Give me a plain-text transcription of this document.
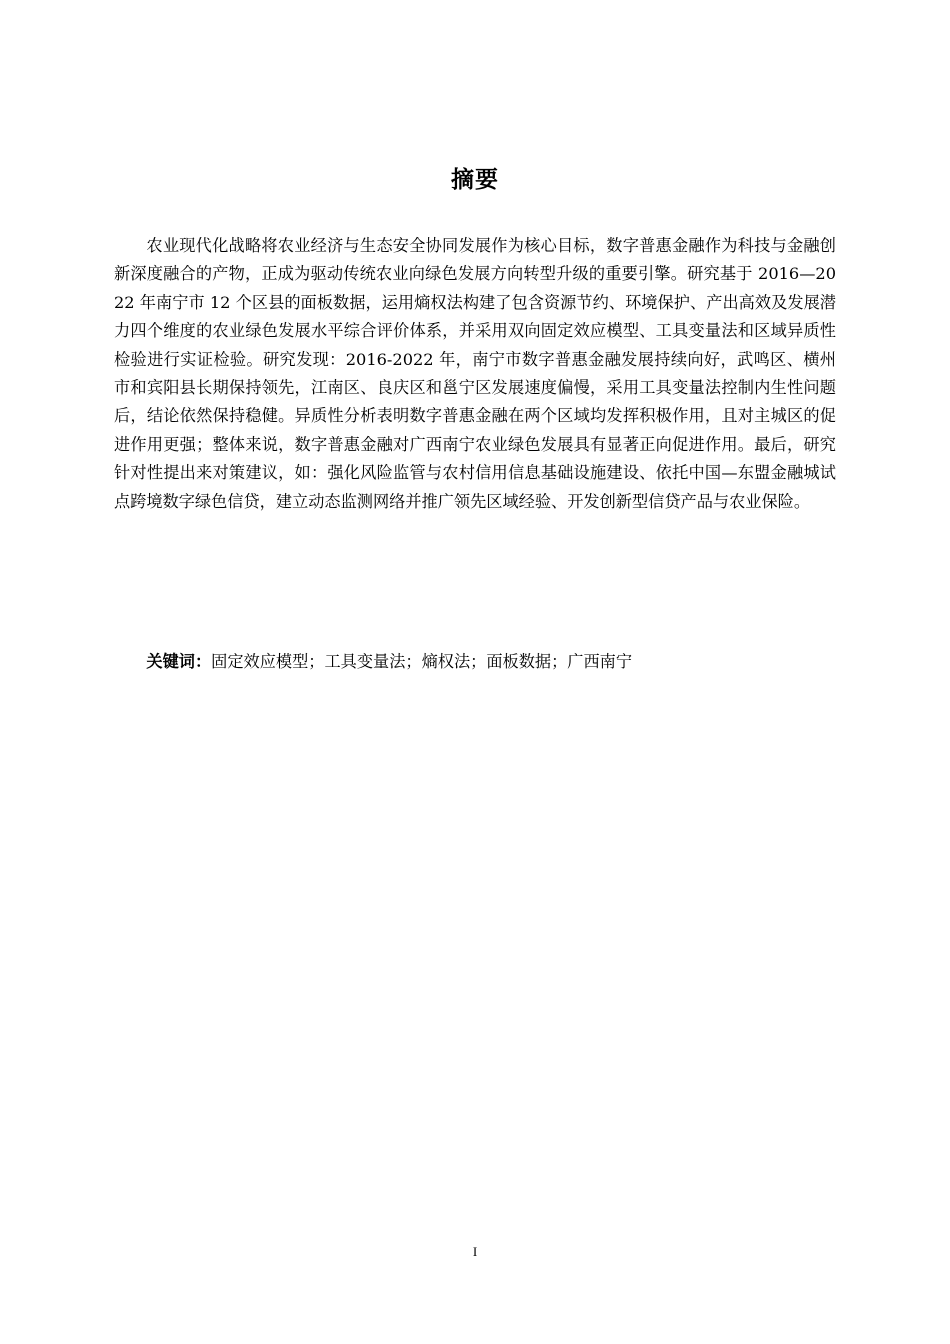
摘要

农业现代化战略将农业经济与生态安全协同发展作为核心目标，数字普惠金融作为科技与金融创新深度融合的产物，正成为驱动传统农业向绿色发展方向转型升级的重要引擎。研究基于 2016—2022 年南宁市 12 个区县的面板数据，运用熵权法构建了包含资源节约、环境保护、产出高效及发展潜力四个维度的农业绿色发展水平综合评价体系，并采用双向固定效应模型、工具变量法和区域异质性检验进行实证检验。研究发现：2016-2022 年，南宁市数字普惠金融发展持续向好，武鸣区、横州市和宾阳县长期保持领先，江南区、良庆区和邕宁区发展速度偏慢，采用工具变量法控制内生性问题后，结论依然保持稳健。异质性分析表明数字普惠金融在两个区域均发挥积极作用，且对主城区的促进作用更强；整体来说，数字普惠金融对广西南宁农业绿色发展具有显著正向促进作用。最后，研究针对性提出来对策建议，如：强化风险监管与农村信用信息基础设施建设、依托中国—东盟金融城试点跨境数字绿色信贷，建立动态监测网络并推广领先区域经验、开发创新型信贷产品与农业保险。

关键词：固定效应模型；工具变量法；熵权法；面板数据；广西南宁

I
